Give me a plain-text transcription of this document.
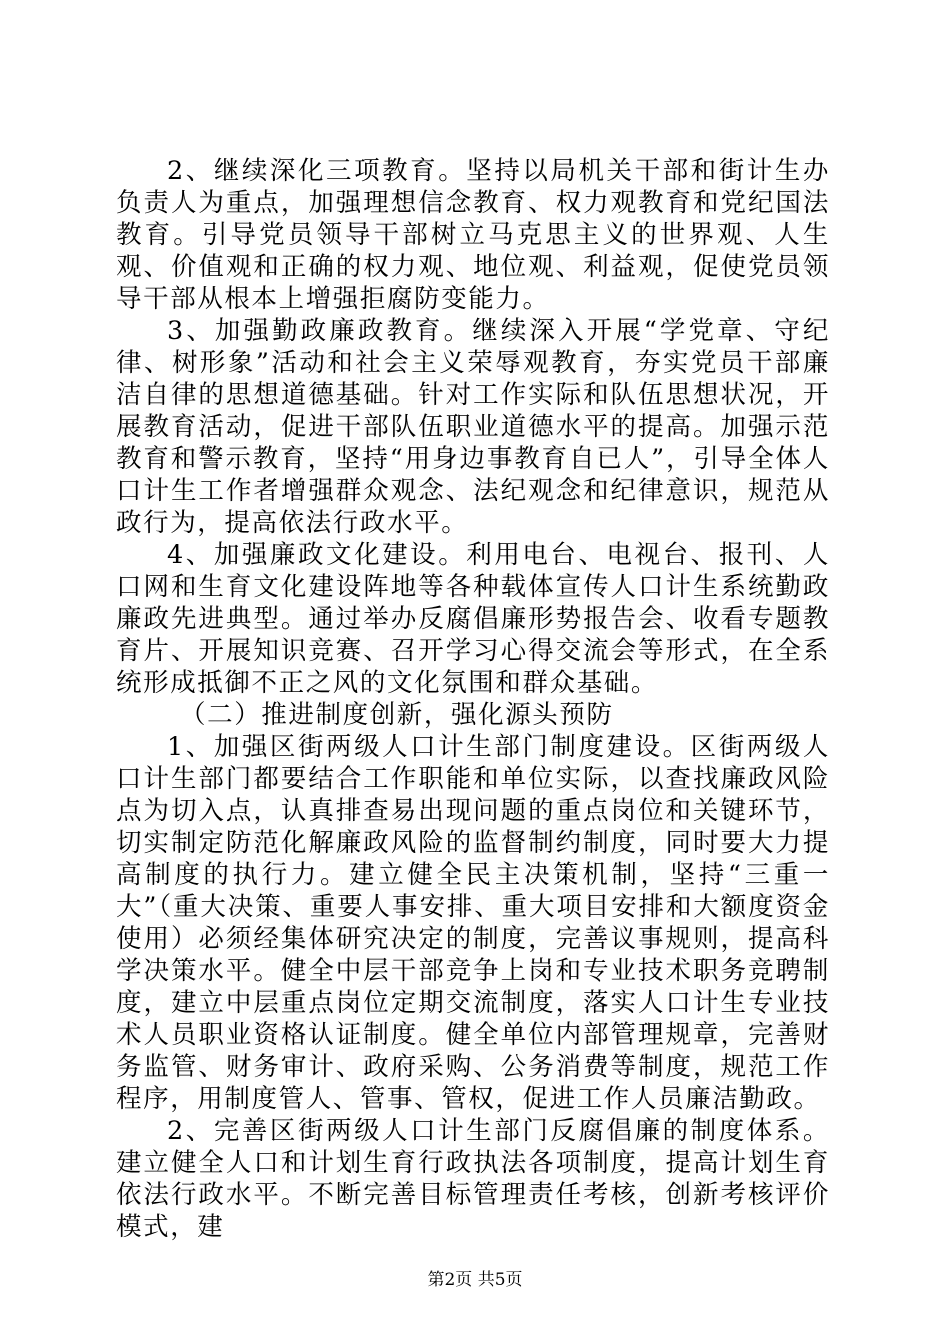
2、继续深化三项教育。坚持以局机关干部和街计生办负责人为重点，加强理想信念教育、权力观教育和党纪国法教育。引导党员领导干部树立马克思主义的世界观、人生观、价值观和正确的权力观、地位观、利益观，促使党员领导干部从根本上增强拒腐防变能力。

3、加强勤政廉政教育。继续深入开展“学党章、守纪律、树形象”活动和社会主义荣辱观教育，夯实党员干部廉洁自律的思想道德基础。针对工作实际和队伍思想状况，开展教育活动，促进干部队伍职业道德水平的提高。加强示范教育和警示教育，坚持“用身边事教育自已人”，引导全体人口计生工作者增强群众观念、法纪观念和纪律意识，规范从政行为，提高依法行政水平。

4、加强廉政文化建设。利用电台、电视台、报刊、人口网和生育文化建设阵地等各种载体宣传人口计生系统勤政廉政先进典型。通过举办反腐倡廉形势报告会、收看专题教育片、开展知识竞赛、召开学习心得交流会等形式，在全系统形成抵御不正之风的文化氛围和群众基础。

（二）推进制度创新，强化源头预防

1、加强区街两级人口计生部门制度建设。区街两级人口计生部门都要结合工作职能和单位实际，以查找廉政风险点为切入点，认真排查易出现问题的重点岗位和关键环节，切实制定防范化解廉政风险的监督制约制度，同时要大力提高制度的执行力。建立健全民主决策机制，坚持“三重一大”（重大决策、重要人事安排、重大项目安排和大额度资金使用）必须经集体研究决定的制度，完善议事规则，提高科学决策水平。健全中层干部竞争上岗和专业技术职务竞聘制度，建立中层重点岗位定期交流制度，落实人口计生专业技术人员职业资格认证制度。健全单位内部管理规章，完善财务监管、财务审计、政府采购、公务消费等制度，规范工作程序，用制度管人、管事、管权，促进工作人员廉洁勤政。

2、完善区街两级人口计生部门反腐倡廉的制度体系。建立健全人口和计划生育行政执法各项制度，提高计划生育依法行政水平。不断完善目标管理责任考核，创新考核评价模式，建

第2页 共5页
